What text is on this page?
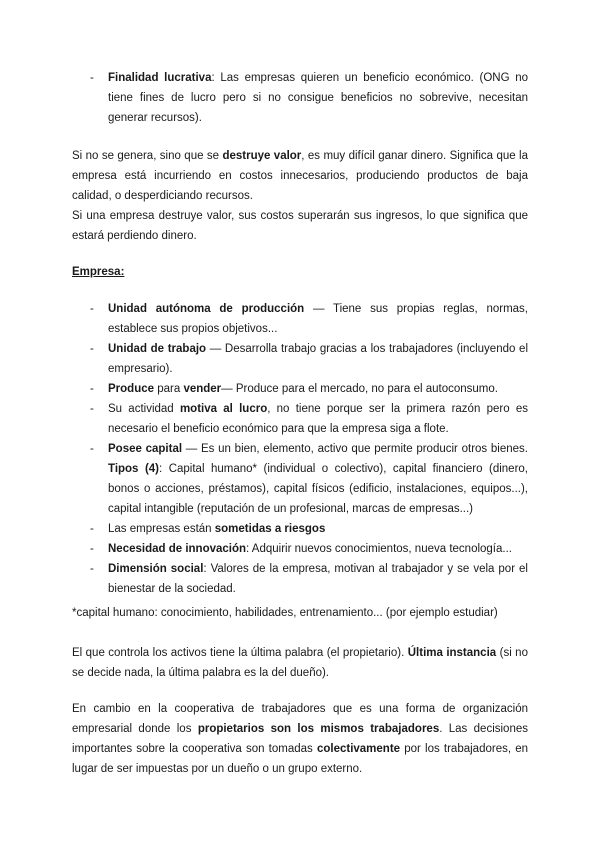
- Finalidad lucrativa: Las empresas quieren un beneficio económico. (ONG no tiene fines de lucro pero si no consigue beneficios no sobrevive, necesitan generar recursos).

Si no se genera, sino que se destruye valor, es muy difícil ganar dinero. Significa que la empresa está incurriendo en costos innecesarios, produciendo productos de baja calidad, o desperdiciando recursos.

Si una empresa destruye valor, sus costos superarán sus ingresos, lo que significa que estará perdiendo dinero.

Empresa:

- Unidad autónoma de producción — Tiene sus propias reglas, normas, establece sus propios objetivos...
- Unidad de trabajo — Desarrolla trabajo gracias a los trabajadores (incluyendo el empresario).
- Produce para vender— Produce para el mercado, no para el autoconsumo.
- Su actividad motiva al lucro, no tiene porque ser la primera razón pero es necesario el beneficio económico para que la empresa siga a flote.
- Posee capital — Es un bien, elemento, activo que permite producir otros bienes. Tipos (4): Capital humano* (individual o colectivo), capital financiero (dinero, bonos o acciones, préstamos), capital físicos (edificio, instalaciones, equipos...), capital intangible (reputación de un profesional, marcas de empresas...)
- Las empresas están sometidas a riesgos
- Necesidad de innovación: Adquirir nuevos conocimientos, nueva tecnología...
- Dimensión social: Valores de la empresa, motivan al trabajador y se vela por el bienestar de la sociedad.

*capital humano: conocimiento, habilidades, entrenamiento... (por ejemplo estudiar)

El que controla los activos tiene la última palabra (el propietario). Última instancia (si no se decide nada, la última palabra es la del dueño).

En cambio en la cooperativa de trabajadores que es una forma de organización empresarial donde los propietarios son los mismos trabajadores. Las decisiones importantes sobre la cooperativa son tomadas colectivamente por los trabajadores, en lugar de ser impuestas por un dueño o un grupo externo.
